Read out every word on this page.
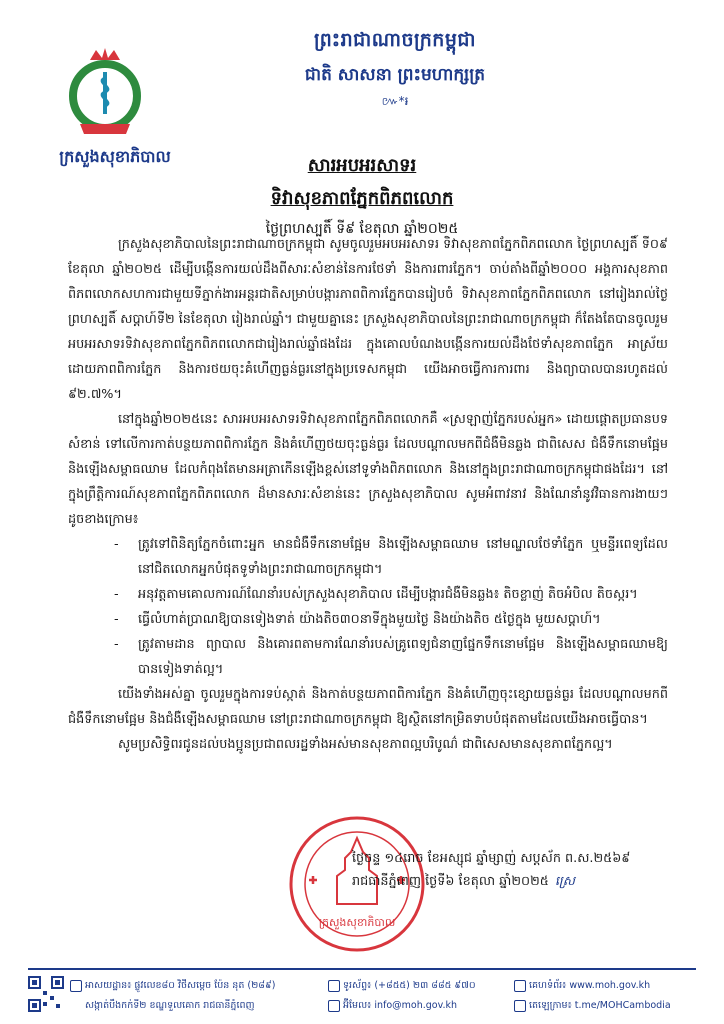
ព្រះរាជាណាចក្រកម្ពុជា
ជាតិ សាសនា ព្រះមហាក្សត្រ
៚*៛
ក្រសួងសុខាភិបាល	សារអបអរសាទរ
ទិវាសុខភាពភ្នែកពិភពលោក
ថ្ងៃព្រហស្បតិ៍ ទី៩ ខែតុលា ឆ្នាំ២០២៥

ក្រសួងសុខាភិបាលនៃព្រះរាជាណាចក្រកម្ពុជា សូមចូលរួមអបអរសាទរ ទិវាសុខភាពភ្នែកពិភពលោក ថ្ងៃព្រហស្បតិ៍ ទី០៩ ខែតុលា ឆ្នាំ២០២៥ ដើម្បីបង្កើនការយល់ដឹងពីសារៈសំខាន់នៃការថែទាំ និងការពារភ្នែក។ ចាប់តាំងពីឆ្នាំ២០០០ អង្គការសុខភាពពិភពលោកសហការជាមួយទីភ្នាក់ងារអន្តរជាតិសម្រាប់បង្ការភាពពិការភ្នែកបានរៀបចំ ទិវាសុខភាពភ្នែកពិភពលោក នៅរៀងរាល់ថ្ងៃព្រហស្បតិ៍ សប្តាហ៍ទី២ នៃខែតុលា រៀងរាល់ឆ្នាំ។ ជាមួយគ្នានេះ ក្រសួងសុខាភិបាលនៃព្រះរាជាណាចក្រកម្ពុជា ក៏តែងតែបានចូលរួមអបអរសាទរទិវាសុខភាពភ្នែកពិភពលោកជារៀងរាល់ឆ្នាំផងដែរ ក្នុងគោលបំណងបង្កើនការយល់ដឹងថែទាំសុខភាពភ្នែក អាស្រ័យដោយភាពពិការភ្នែក និងការថយចុះគំហើញធ្ងន់ធ្ងរនៅក្នុងប្រទេសកម្ពុជា យើងអាចធ្វើការការពារ និងព្យាបាលបានរហូតដល់ ៩២.៧%។

នៅក្នុងឆ្នាំ២០២៥នេះ សារអបអរសាទរទិវាសុខភាពភ្នែកពិភពលោកគឺ «ស្រឡាញ់ភ្នែករបស់អ្នក» ដោយផ្តោតប្រធានបទសំខាន់ ទៅលើការកាត់បន្ថយភាពពិការភ្នែក និងគំហើញថយចុះធ្ងន់ធ្ងរ ដែលបណ្តាលមកពីជំងឺមិនឆ្លង ជាពិសេស ជំងឺទឹកនោមផ្អែម និងឡើងសម្ពាធឈាម ដែលកំពុងតែមានអត្រាកើនឡើងខ្ពស់នៅទូទាំងពិភពលោក និងនៅក្នុងព្រះរាជាណាចក្រកម្ពុជាផងដែរ។ នៅក្នុងព្រឹត្តិការណ៍សុខភាពភ្នែកពិភពលោក ដ៏មានសារៈសំខាន់នេះ ក្រសួងសុខាភិបាល សូមអំពាវនាវ និងណែនាំនូវវិធានការងាយៗដូចខាងក្រោម៖

- ត្រូវទៅពិនិត្យភ្នែកចំពោះអ្នក មានជំងឺទឹកនោមផ្អែម និងឡើងសម្ពាធឈាម នៅមណ្ឌលថែទាំភ្នែក ឬមន្ទីរពេទ្យដែលនៅជិតលោកអ្នកបំផុតទូទាំងព្រះរាជាណាចក្រកម្ពុជា។
- អនុវត្តតាមគោលការណ៍ណែនាំរបស់ក្រសួងសុខាភិបាល ដើម្បីបង្ការជំងឺមិនឆ្លង៖ តិចខ្លាញ់ តិចអំបិល តិចស្ករ។
- ធ្វើលំហាត់ប្រាណឱ្យបានទៀងទាត់ យ៉ាងតិច៣០នាទីក្នុងមួយថ្ងៃ និងយ៉ាងតិច ៥ថ្ងៃក្នុង មួយសប្តាហ៍។
- ត្រូវតាមដាន ព្យាបាល និងគោរពតាមការណែនាំរបស់គ្រូពេទ្យជំនាញផ្នែកទឹកនោមផ្អែម និងឡើងសម្ពាធឈាមឱ្យបានទៀងទាត់ល្អ។

យើងទាំងអស់គ្នា ចូលរួមក្នុងការទប់ស្កាត់ និងកាត់បន្ថយភាពពិការភ្នែក និងគំហើញចុះខ្សោយធ្ងន់ធ្ងរ ដែលបណ្តាលមកពីជំងឺទឹកនោមផ្អែម និងជំងឺឡើងសម្ពាធឈាម នៅព្រះរាជាណាចក្រកម្ពុជា ឱ្យស្ថិតនៅកម្រិតទាបបំផុតតាមដែលយើងអាចធ្វើបាន។

សូមប្រសិទ្ធិពរជូនដល់បងប្អូនប្រជាពលរដ្ឋទាំងអស់មានសុខភាពល្អបរិបូណ៌ ជាពិសេសមានសុខភាពភ្នែកល្អ។

ក្រសួងសុខាភិបាល
ថ្ងៃចន្ទ ១៤រោច ខែអស្សុជ ឆ្នាំម្សាញ់ សប្តស័ក ព.ស.២៥៦៩
រាជធានីភ្នំពេញ ថ្ងៃទី៦ ខែតុលា ឆ្នាំ២០២៥ ស្រេ
អាសយដ្ឋាន៖ ផ្លូវលេខ៨០ វិថីសម្តេច ប៉ែន នុត (២៨៩)
សង្កាត់បឹងកក់ទី២ ខណ្ឌទួលគោក រាជធានីភ្នំពេញ
ទូរស័ព្ទ៖ (+៨៥៥) ២៣ ៨៨៥ ៩៧០
អ៊ីមែល៖ info@moh.gov.kh
គេហទំព័រ៖ www.moh.gov.kh
តេឡេក្រាម៖ t.me/MOHCambodia
